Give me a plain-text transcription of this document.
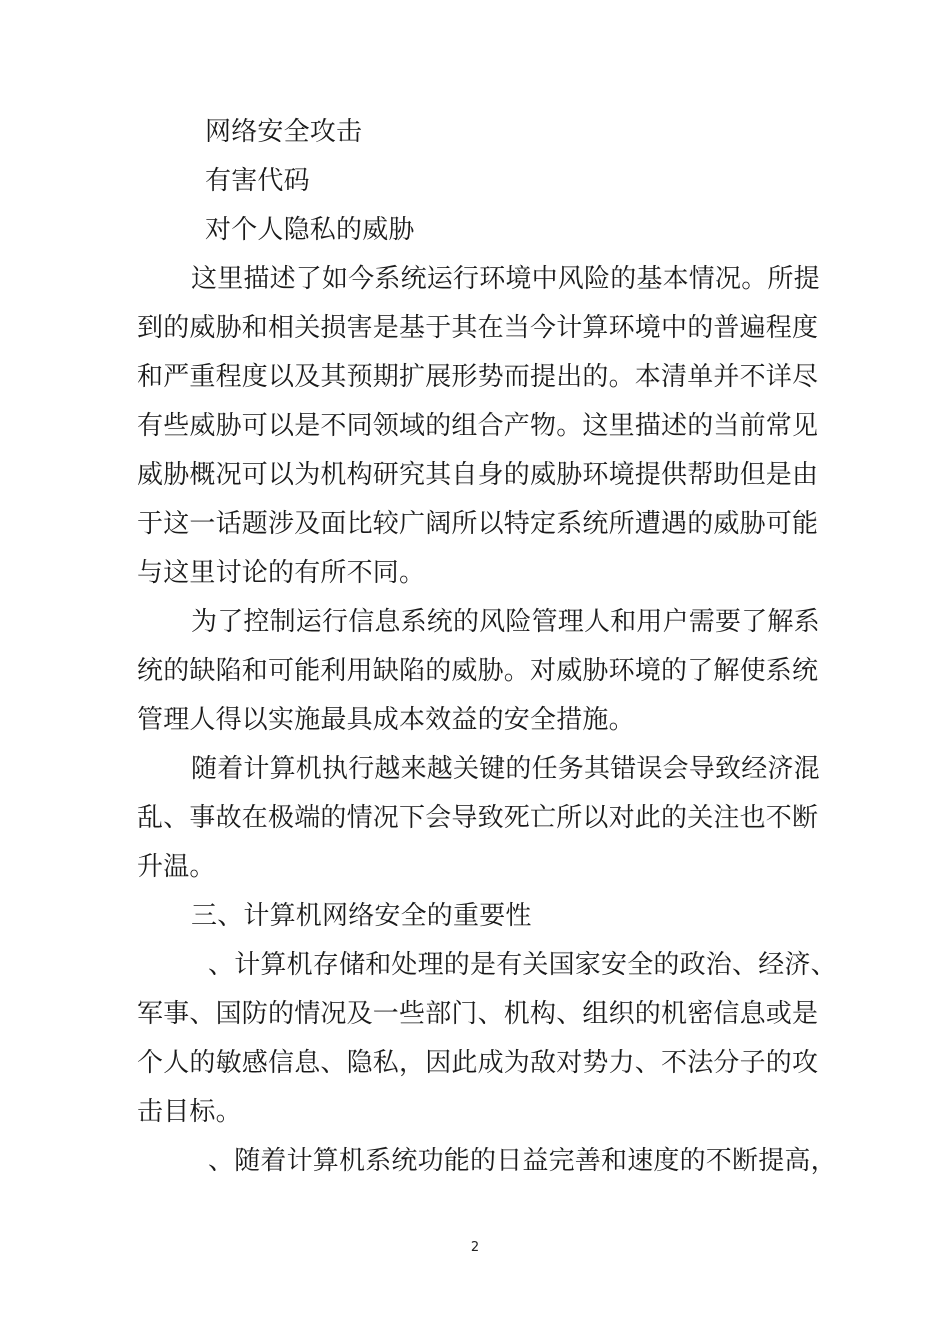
网络安全攻击
有害代码
对个人隐私的威胁
这里描述了如今系统运行环境中风险的基本情况。所提
到的威胁和相关损害是基于其在当今计算环境中的普遍程度
和严重程度以及其预期扩展形势而提出的。本清单并不详尽
有些威胁可以是不同领域的组合产物。这里描述的当前常见
威胁概况可以为机构研究其自身的威胁环境提供帮助但是由
于这一话题涉及面比较广阔所以特定系统所遭遇的威胁可能
与这里讨论的有所不同。
为了控制运行信息系统的风险管理人和用户需要了解系
统的缺陷和可能利用缺陷的威胁。对威胁环境的了解使系统
管理人得以实施最具成本效益的安全措施。
随着计算机执行越来越关键的任务其错误会导致经济混
乱、事故在极端的情况下会导致死亡所以对此的关注也不断
升温。
三、计算机网络安全的重要性
、计算机存储和处理的是有关国家安全的政治、经济、
军事、国防的情况及一些部门、机构、组织的机密信息或是
个人的敏感信息、隐私，因此成为敌对势力、不法分子的攻
击目标。
、随着计算机系统功能的日益完善和速度的不断提高，
2
